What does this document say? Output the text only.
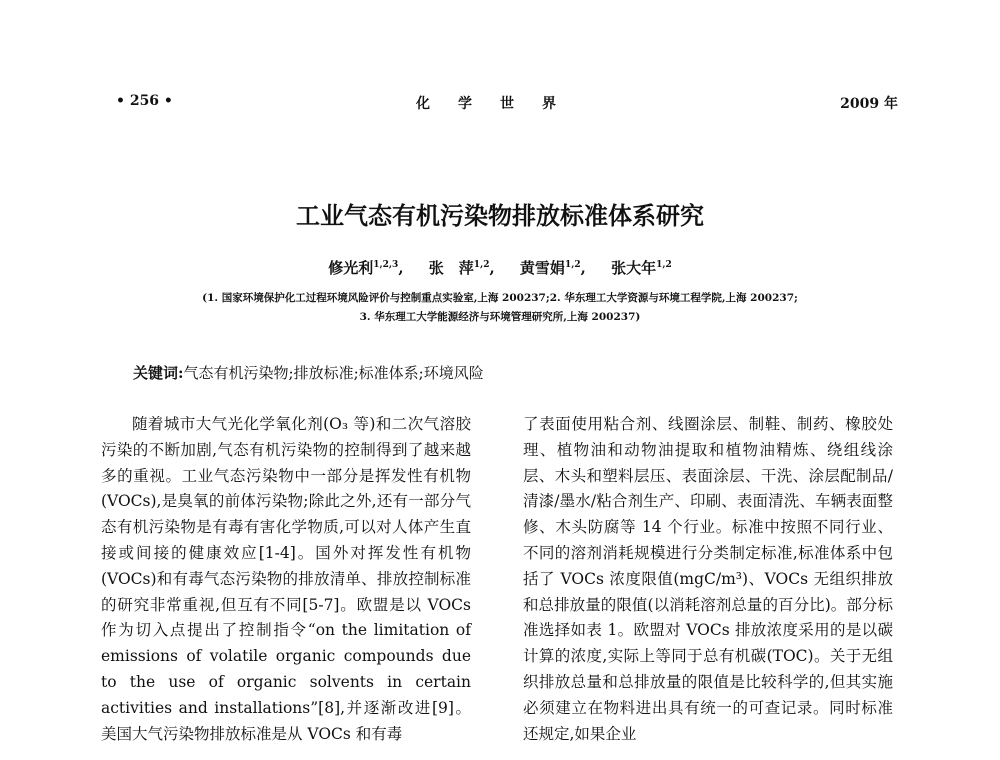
• 256 •	化学世界	2009 年
工业气态有机污染物排放标准体系研究
修光利$^{1,2,3}$, 张　萍$^{1,2}$, 黄雪娟$^{1,2}$, 张大年$^{1,2}$
(1. 国家环境保护化工过程环境风险评价与控制重点实验室,上海 200237;2. 华东理工大学资源与环境工程学院,上海 200237;
3. 华东理工大学能源经济与环境管理研究所,上海 200237)
关键词:气态有机污染物;排放标准;标准体系;环境风险

随着城市大气光化学氧化剂(O₃ 等)和二次气溶胶污染的不断加剧,气态有机污染物的控制得到了越来越多的重视。工业气态污染物中一部分是挥发性有机物(VOCs),是臭氧的前体污染物;除此之外,还有一部分气态有机污染物是有毒有害化学物质,可以对人体产生直接或间接的健康效应[1-4]。国外对挥发性有机物(VOCs)和有毒气态污染物的排放清单、排放控制标准的研究非常重视,但互有不同[5-7]。欧盟是以 VOCs 作为切入点提出了控制指令“on the limitation of emissions of volatile organic compounds due to the use of organic solvents in certain activities and installations”[8],并逐渐改进[9]。美国大气污染物排放标准是从 VOCs 和有毒

了表面使用粘合剂、线圈涂层、制鞋、制药、橡胶处理、植物油和动物油提取和植物油精炼、绕组线涂层、木头和塑料层压、表面涂层、干洗、涂层配制品/清漆/墨水/粘合剂生产、印刷、表面清洗、车辆表面整修、木头防腐等 14 个行业。标准中按照不同行业、不同的溶剂消耗规模进行分类制定标准,标准体系中包括了 VOCs 浓度限值(mgC/m³)、VOCs 无组织排放和总排放量的限值(以消耗溶剂总量的百分比)。部分标准选择如表 1。欧盟对 VOCs 排放浓度采用的是以碳计算的浓度,实际上等同于总有机碳(TOC)。关于无组织排放总量和总排放量的限值是比较科学的,但其实施必须建立在物料进出具有统一的可查记录。同时标准还规定,如果企业
